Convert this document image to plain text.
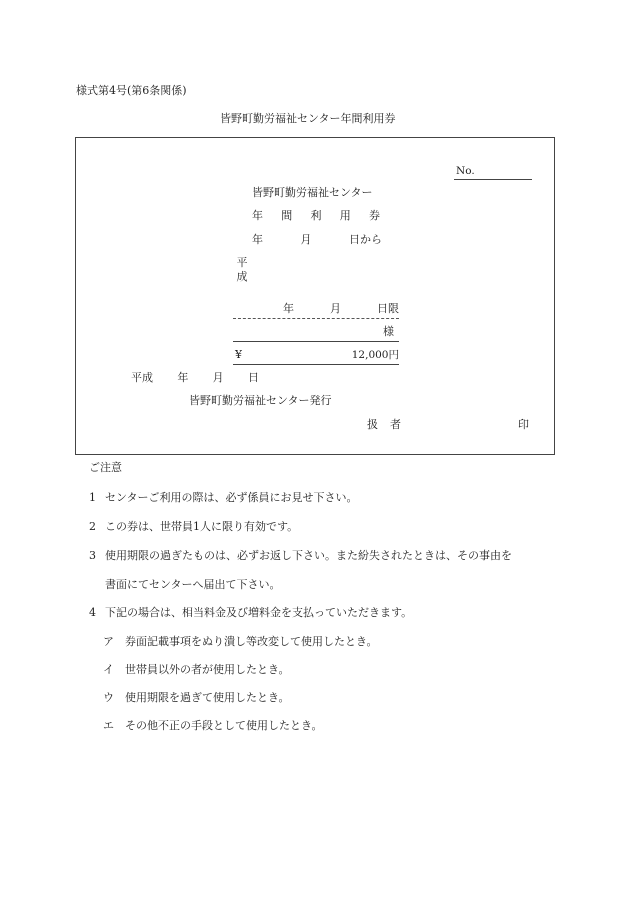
様式第4号(第6条関係)
皆野町勤労福祉センター年間利用券
No.
皆野町勤労福祉センター
年 間 利 用 券
年	月	日から
平
成
年	月	日限
様
¥	12,000円
平成 年 月 日
皆野町勤労福祉センター発行
扱 者	印
ご注意
1 センターご利用の際は、必ず係員にお見せ下さい。
2 この券は、世帯員1人に限り有効です。
3 使用期限の過ぎたものは、必ずお返し下さい。また紛失されたときは、その事由を
書面にてセンターへ届出て下さい。
4 下記の場合は、相当料金及び増料金を支払っていただきます。
ア 券面記載事項をぬり潰し等改変して使用したとき。
イ 世帯員以外の者が使用したとき。
ウ 使用期限を過ぎて使用したとき。
エ その他不正の手段として使用したとき。
